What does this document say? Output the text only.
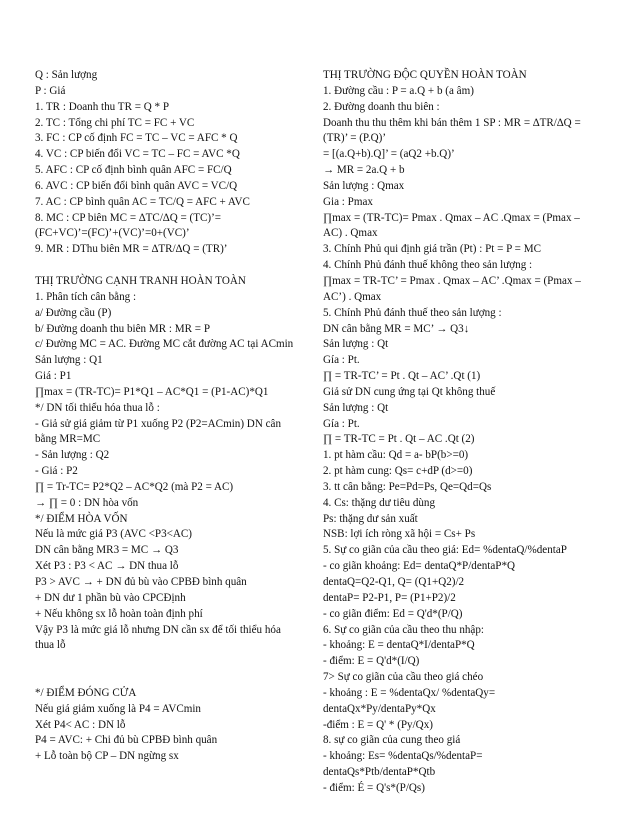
Q : Sản lượng
P : Giá
1. TR : Doanh thu TR = Q * P
2. TC : Tổng chi phí TC = FC + VC
3. FC : CP cố định FC = TC – VC = AFC * Q
4. VC : CP biến đổi VC = TC – FC = AVC *Q
5. AFC : CP cố định bình quân AFC = FC/Q
6. AVC : CP biến đổi bình quân AVC = VC/Q
7. AC : CP bình quân AC = TC/Q = AFC + AVC
8. MC : CP biên MC = ∆TC/∆Q = (TC)’=
(FC+VC)’=(FC)’+(VC)’=0+(VC)’
9. MR : DThu biên MR = ∆TR/∆Q = (TR)’
THỊ TRƯỜNG CẠNH TRANH HOÀN TOÀN
1. Phân tích cân bằng :
a/ Đường cầu (P)
b/ Đường doanh thu biên MR : MR = P
c/ Đường MC = AC. Đường MC cắt đường AC tại ACmin
Sản lượng : Q1
Giá : P1
∏max = (TR-TC)= P1*Q1 – AC*Q1 = (P1-AC)*Q1
*/ DN tối thiểu hóa thua lỗ :
- Giả sử giá giảm từ P1 xuống P2 (P2=ACmin) DN cân
bằng MR=MC
- Sản lượng : Q2
- Giá : P2
∏ = Tr-TC= P2*Q2 – AC*Q2 (mà P2 = AC)
→ ∏ = 0 : DN hòa vốn
*/ ĐIỂM HÒA VỐN
Nếu là mức giá P3 (AVC <P3<AC)
DN cân bằng MR3 = MC → Q3
Xét P3 : P3 < AC → DN thua lỗ
P3 > AVC → + DN đủ bù vào CPBĐ bình quân
+ DN dư 1 phần bù vào CPCĐịnh
+ Nếu không sx lỗ hoàn toàn định phí
Vậy P3 là mức giá lỗ nhưng DN cần sx để tối thiểu hóa
thua lỗ
*/ ĐIỂM ĐÓNG CỬA
Nếu giá giảm xuống là P4 = AVCmin
Xét P4< AC : DN lỗ
P4 = AVC: + Chi đủ bù CPBĐ bình quân
+ Lỗ toàn bộ CP – DN ngừng sx
THỊ TRƯỜNG ĐỘC QUYỀN HOÀN TOÀN
1. Đường cầu : P = a.Q + b (a âm)
2. Đường doanh thu biên :
Doanh thu thu thêm khi bán thêm 1 SP : MR = ∆TR/∆Q =
(TR)’ = (P.Q)’
= [(a.Q+b).Q]’ = (aQ2 +b.Q)’
→ MR = 2a.Q + b
Sản lượng : Qmax
Gia : Pmax
∏max = (TR-TC)= Pmax . Qmax – AC .Qmax = (Pmax –
AC) . Qmax
3. Chính Phủ qui định giá trần (Pt) : Pt = P = MC
4. Chính Phủ đánh thuế không theo sản lượng :
∏max = TR-TC’ = Pmax . Qmax – AC’ .Qmax = (Pmax –
AC’) . Qmax
5. Chính Phủ đánh thuế theo sản lượng :
DN cân bằng MR = MC’ → Q3↓
Sản lượng : Qt
Gía : Pt.
∏ = TR-TC’ = Pt . Qt – AC’ .Qt (1)
Giả sử DN cung ứng tại Qt không thuế
Sản lượng : Qt
Gía : Pt.
∏ = TR-TC = Pt . Qt – AC .Qt (2)
1. pt hàm cầu: Qd = a- bP(b>=0)
2. pt hàm cung: Qs= c+dP (d>=0)
3. tt cân bằng: Pe=Pd=Ps, Qe=Qd=Qs
4. Cs: thặng dư tiêu dùng
Ps: thặng dư sản xuất
NSB: lợi ích ròng xã hội = Cs+ Ps
5. Sự co giãn của cầu theo giá: Ed= %dentaQ/%dentaP
- co giãn khoảng: Ed= dentaQ*P/dentaP*Q
dentaQ=Q2-Q1, Q= (Q1+Q2)/2
dentaP= P2-P1, P= (P1+P2)/2
- co giãn điểm: Ed = Q'd*(P/Q)
6. Sự co giãn của cầu theo thu nhập:
- khoảng: E = dentaQ*I/dentaP*Q
- điểm: E = Q'd*(I/Q)
7> Sự co giãn của cầu theo giá chéo
- khoảng : E = %dentaQx/ %dentaQy=
dentaQx*Py/dentaPy*Qx
-điểm : E = Q' * (Py/Qx)
8. sự co giãn của cung theo giá
- khoảng: Es= %dentaQs/%dentaP=
dentaQs*Ptb/dentaP*Qtb
- điểm: É = Q's*(P/Qs)
